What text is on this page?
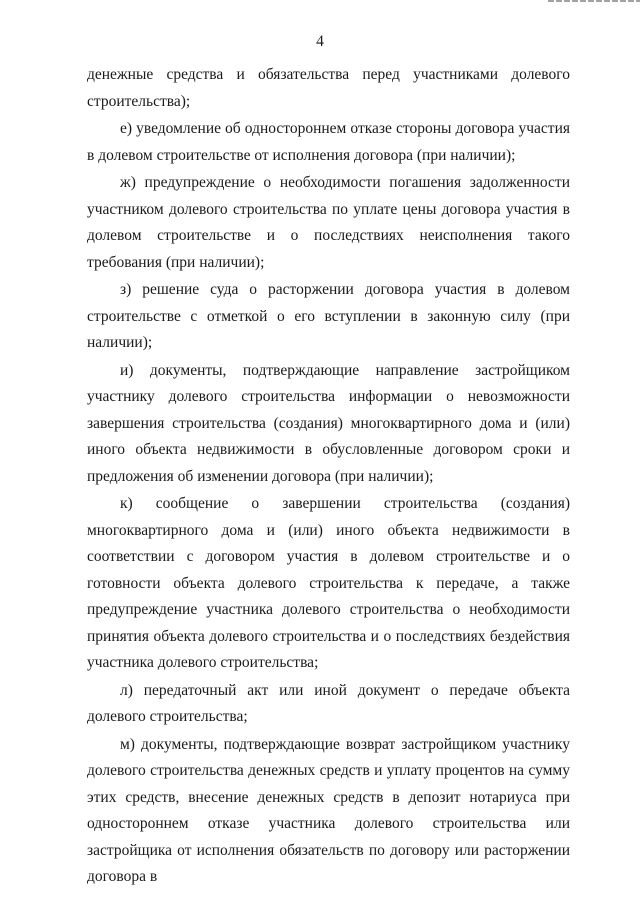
4

денежные средства и обязательства перед участниками долевого строительства);

е) уведомление об одностороннем отказе стороны договора участия в долевом строительстве от исполнения договора (при наличии);

ж) предупреждение о необходимости погашения задолженности участником долевого строительства по уплате цены договора участия в долевом строительстве и о последствиях неисполнения такого требования (при наличии);

з) решение суда о расторжении договора участия в долевом строительстве с отметкой о его вступлении в законную силу (при наличии);

и) документы, подтверждающие направление застройщиком участнику долевого строительства информации о невозможности завершения строительства (создания) многоквартирного дома и (или) иного объекта недвижимости в обусловленные договором сроки и предложения об изменении договора (при наличии);

к) сообщение о завершении строительства (создания) многоквартирного дома и (или) иного объекта недвижимости в соответствии с договором участия в долевом строительстве и о готовности объекта долевого строительства к передаче, а также предупреждение участника долевого строительства о необходимости принятия объекта долевого строительства и о последствиях бездействия участника долевого строительства;

л) передаточный акт или иной документ о передаче объекта долевого строительства;

м) документы, подтверждающие возврат застройщиком участнику долевого строительства денежных средств и уплату процентов на сумму этих средств, внесение денежных средств в депозит нотариуса при одностороннем отказе участника долевого строительства или застройщика от исполнения обязательств по договору или расторжении договора в
